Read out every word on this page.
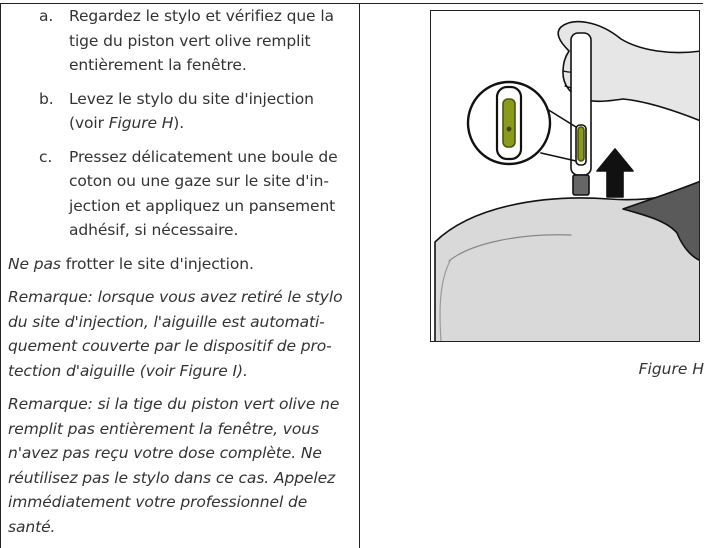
a.	Regardez le stylo et vérifiez que la tige du piston vert olive remplit entièrement la fenêtre.
b. Levez le stylo du site d'injection (voir Figure H).
c.	Pressez délicatement une boule de coton ou une gaze sur le site d'in-jection et appliquez un pansement adhésif, si nécessaire.

Ne pas frotter le site d'injection.

Remarque: lorsque vous avez retiré le stylo du site d'injection, l'aiguille est automati-quement couverte par le dispositif de pro-tection d'aiguille (voir Figure I).

Remarque: si la tige du piston vert olive ne remplit pas entièrement la fenêtre, vous n'avez pas reçu votre dose complète. Ne réutilisez pas le stylo dans ce cas. Appelez immédiatement votre professionnel de santé.

Figure H
